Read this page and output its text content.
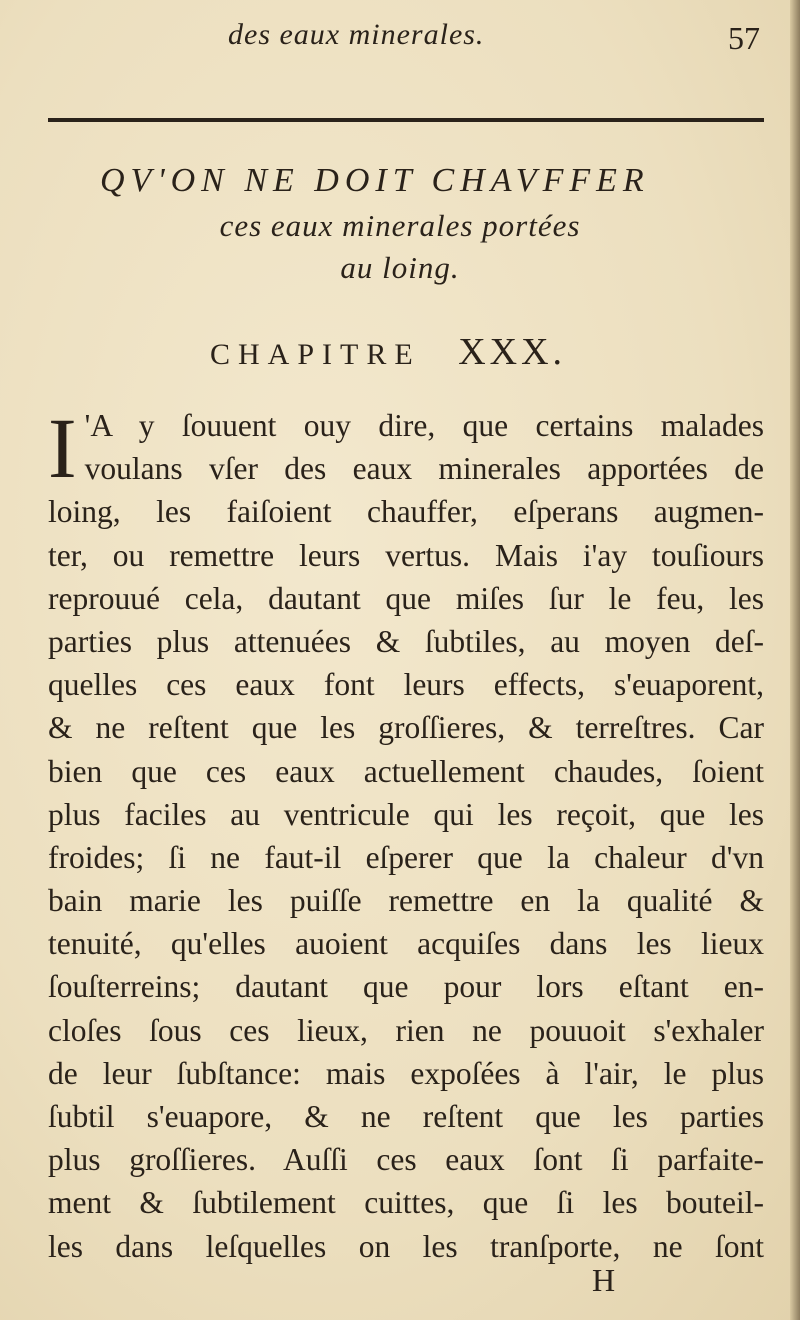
des eaux minerales.	57
QV'ON NE DOIT CHAVFFER
ces eaux minerales portées
au loing.
CHAPITRE XXX.
I 'A y ſouuent ouy dire, que certains malades
voulans vſer des eaux minerales apportées de
loing, les faiſoient chauffer, eſperans augmen-
ter, ou remettre leurs vertus. Mais i'ay touſiours
reprouué cela, dautant que miſes ſur le feu, les
parties plus attenuées & ſubtiles, au moyen deſ-
quelles ces eaux font leurs effects, s'euaporent,
& ne reſtent que les groſſieres, & terreſtres. Car
bien que ces eaux actuellement chaudes, ſoient
plus faciles au ventricule qui les reçoit, que les
froides; ſi ne faut-il eſperer que la chaleur d'vn
bain marie les puiſſe remettre en la qualité &
tenuité, qu'elles auoient acquiſes dans les lieux
ſouſterreins; dautant que pour lors eſtant en-
cloſes ſous ces lieux, rien ne pouuoit s'exhaler
de leur ſubſtance: mais expoſées à l'air, le plus
ſubtil s'euapore, & ne reſtent que les parties
plus groſſieres. Auſſi ces eaux ſont ſi parfaite-
ment & ſubtilement cuittes, que ſi les bouteil-
les dans leſquelles on les tranſporte, ne ſont
H
